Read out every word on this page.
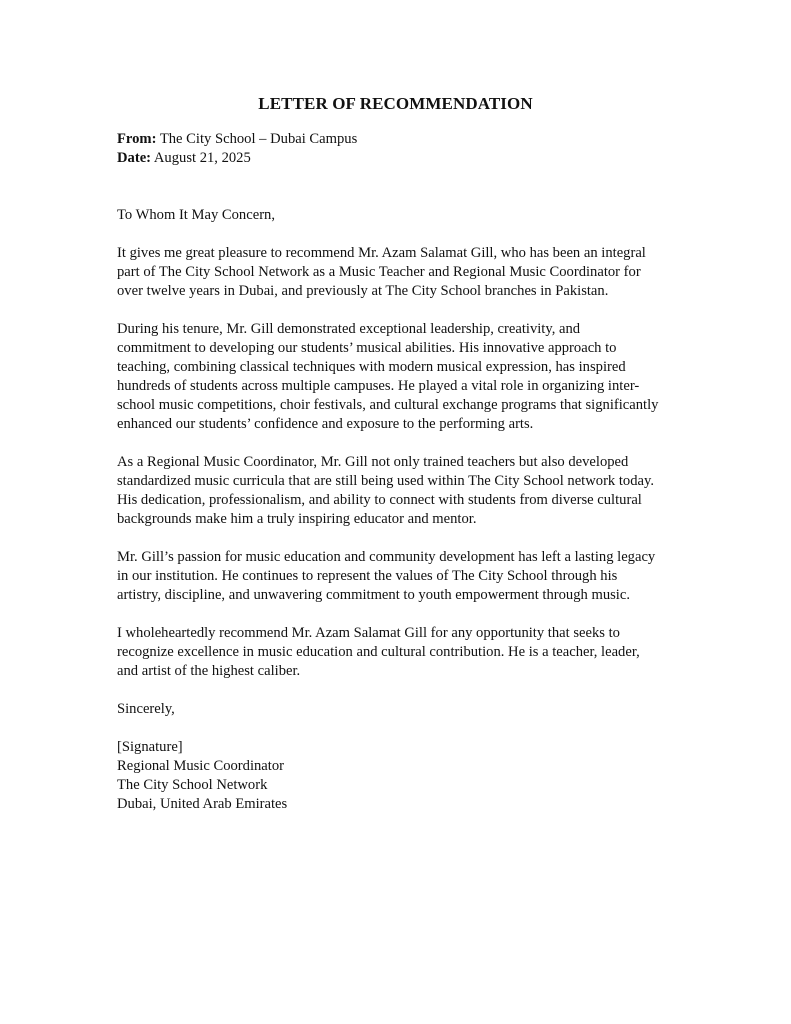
LETTER OF RECOMMENDATION
From: The City School – Dubai Campus
Date: August 21, 2025
To Whom It May Concern,
It gives me great pleasure to recommend Mr. Azam Salamat Gill, who has been an integral
part of The City School Network as a Music Teacher and Regional Music Coordinator for
over twelve years in Dubai, and previously at The City School branches in Pakistan.
During his tenure, Mr. Gill demonstrated exceptional leadership, creativity, and
commitment to developing our students’ musical abilities. His innovative approach to
teaching, combining classical techniques with modern musical expression, has inspired
hundreds of students across multiple campuses. He played a vital role in organizing inter-
school music competitions, choir festivals, and cultural exchange programs that significantly
enhanced our students’ confidence and exposure to the performing arts.
As a Regional Music Coordinator, Mr. Gill not only trained teachers but also developed
standardized music curricula that are still being used within The City School network today.
His dedication, professionalism, and ability to connect with students from diverse cultural
backgrounds make him a truly inspiring educator and mentor.
Mr. Gill’s passion for music education and community development has left a lasting legacy
in our institution. He continues to represent the values of The City School through his
artistry, discipline, and unwavering commitment to youth empowerment through music.
I wholeheartedly recommend Mr. Azam Salamat Gill for any opportunity that seeks to
recognize excellence in music education and cultural contribution. He is a teacher, leader,
and artist of the highest caliber.
Sincerely,
[Signature]
Regional Music Coordinator
The City School Network
Dubai, United Arab Emirates
